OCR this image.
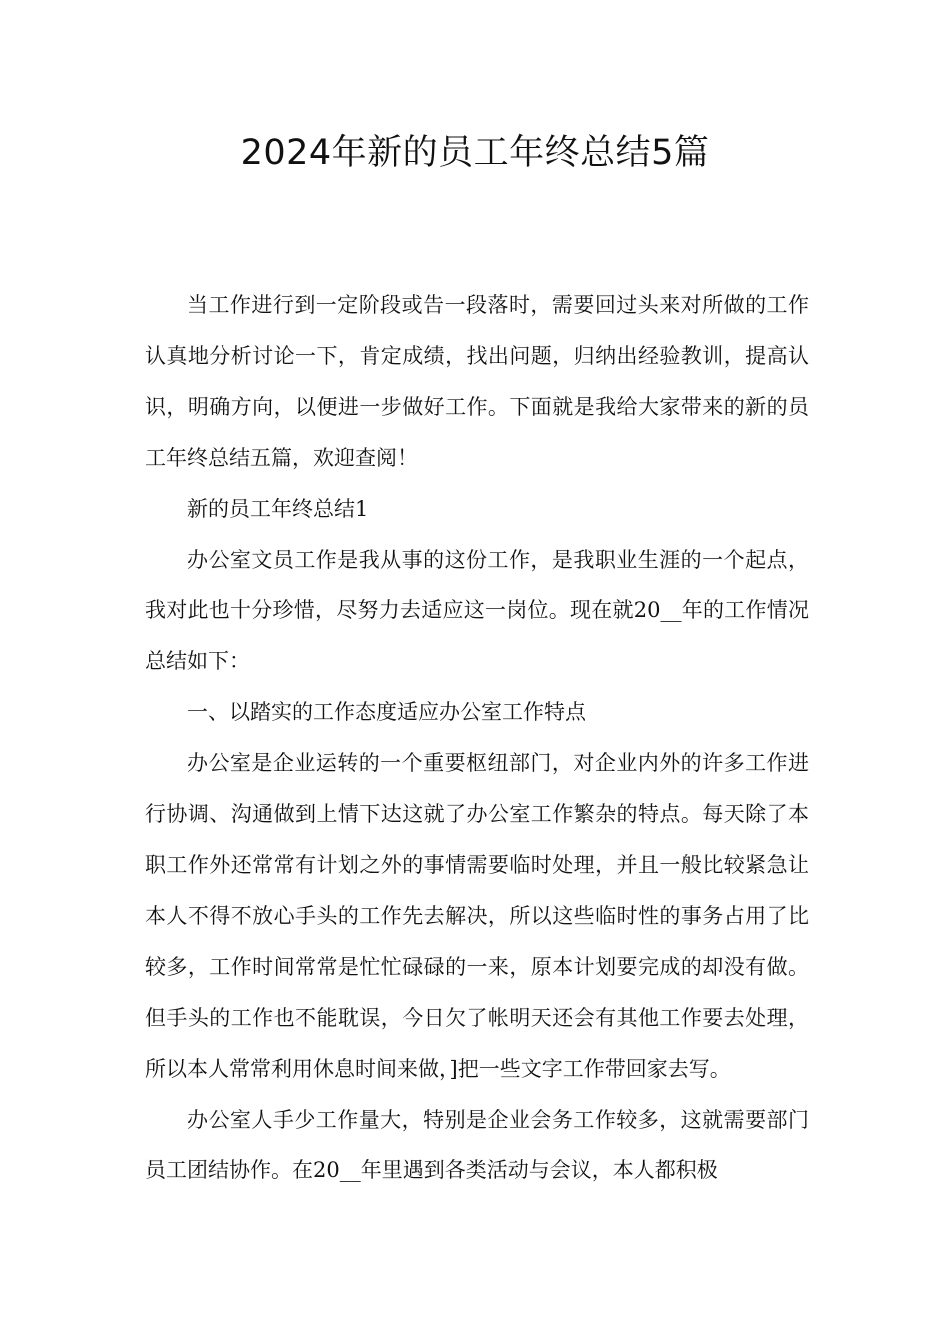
2024年新的员工年终总结5篇

当工作进行到一定阶段或告一段落时，需要回过头来对所做的工作认真地分析讨论一下，肯定成绩，找出问题，归纳出经验教训，提高认识，明确方向，以便进一步做好工作。下面就是我给大家带来的新的员工年终总结五篇，欢迎查阅！

新的员工年终总结1

办公室文员工作是我从事的这份工作，是我职业生涯的一个起点，我对此也十分珍惜，尽努力去适应这一岗位。现在就20__年的工作情况总结如下：

一、以踏实的工作态度适应办公室工作特点

办公室是企业运转的一个重要枢纽部门，对企业内外的许多工作进行协调、沟通做到上情下达这就了办公室工作繁杂的特点。每天除了本职工作外还常常有计划之外的事情需要临时处理，并且一般比较紧急让本人不得不放心手头的工作先去解决，所以这些临时性的事务占用了比较多，工作时间常常是忙忙碌碌的一来，原本计划要完成的却没有做。但手头的工作也不能耽误，今日欠了帐明天还会有其他工作要去处理，所以本人常常利用休息时间来做，]把一些文字工作带回家去写。

办公室人手少工作量大，特别是企业会务工作较多，这就需要部门员工团结协作。在20__年里遇到各类活动与会议，本人都积极
